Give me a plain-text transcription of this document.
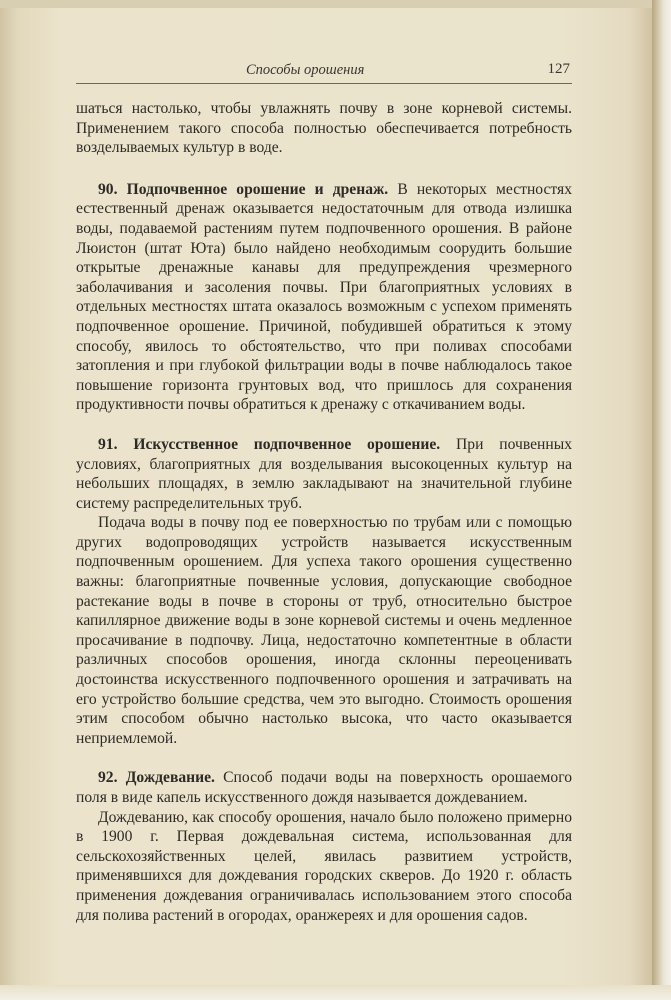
Способы орошения	127

шаться настолько, чтобы увлажнять почву в зоне корневой системы. Применением такого способа полностью обеспечивается потребность возделываемых культур в воде.

90. Подпочвенное орошение и дренаж. В некоторых местностях естественный дренаж оказывается недостаточным для отвода излишка воды, подаваемой растениям путем подпочвенного орошения. В районе Люистон (штат Юта) было найдено необходимым соорудить большие открытые дренажные канавы для предупреждения чрезмерного заболачивания и засоления почвы. При благоприятных условиях в отдельных местностях штата оказалось возможным с успехом применять подпочвенное орошение. Причиной, побудившей обратиться к этому способу, явилось то обстоятельство, что при поливах способами затопления и при глубокой фильтрации воды в почве наблюдалось такое повышение горизонта грунтовых вод, что пришлось для сохранения продуктивности почвы обратиться к дренажу с откачиванием воды.

91. Искусственное подпочвенное орошение. При почвенных условиях, благоприятных для возделывания высокоценных культур на небольших площадях, в землю закладывают на значительной глубине систему распределительных труб.

Подача воды в почву под ее поверхностью по трубам или с помощью других водопроводящих устройств называется искусственным подпочвенным орошением. Для успеха такого орошения существенно важны: благоприятные почвенные условия, допускающие свободное растекание воды в почве в стороны от труб, относительно быстрое капиллярное движение воды в зоне корневой системы и очень медленное просачивание в подпочву. Лица, недостаточно компетентные в области различных способов орошения, иногда склонны переоценивать достоинства искусственного подпочвенного орошения и затрачивать на его устройство большие средства, чем это выгодно. Стоимость орошения этим способом обычно настолько высока, что часто оказывается неприемлемой.

92. Дождевание. Способ подачи воды на поверхность орошаемого поля в виде капель искусственного дождя называется дождеванием.

Дождеванию, как способу орошения, начало было положено примерно в 1900 г. Первая дождевальная система, использованная для сельскохозяйственных целей, явилась развитием устройств, применявшихся для дождевания городских скверов. До 1920 г. область применения дождевания ограничивалась использованием этого способа для полива растений в огородах, оранжереях и для орошения садов.
